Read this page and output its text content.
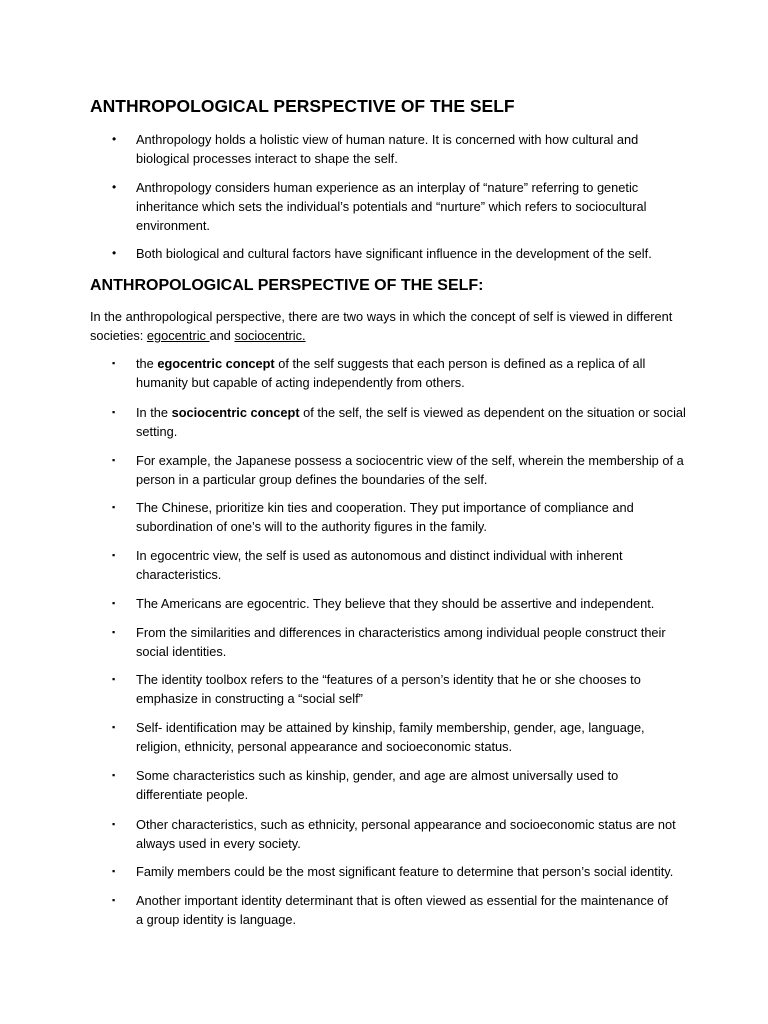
ANTHROPOLOGICAL PERSPECTIVE OF THE SELF
•	Anthropology holds a holistic view of human nature. It is concerned with how cultural and
biological processes interact to shape the self.
•	Anthropology considers human experience as an interplay of “nature” referring to genetic
inheritance which sets the individual’s potentials and “nurture” which refers to sociocultural
environment.
•	Both biological and cultural factors have significant influence in the development of the self.
ANTHROPOLOGICAL PERSPECTIVE OF THE SELF:
In the anthropological perspective, there are two ways in which the concept of self is viewed in different
societies: egocentric and sociocentric.
▪	the egocentric concept of the self suggests that each person is defined as a replica of all
humanity but capable of acting independently from others.
▪	In the sociocentric concept of the self, the self is viewed as dependent on the situation or social
setting.
▪	For example, the Japanese possess a sociocentric view of the self, wherein the membership of a
person in a particular group defines the boundaries of the self.
▪	The Chinese, prioritize kin ties and cooperation. They put importance of compliance and
subordination of one’s will to the authority figures in the family.
▪	In egocentric view, the self is used as autonomous and distinct individual with inherent
characteristics.
▪	The Americans are egocentric. They believe that they should be assertive and independent.
▪	From the similarities and differences in characteristics among individual people construct their
social identities.
▪	The identity toolbox refers to the “features of a person’s identity that he or she chooses to
emphasize in constructing a “social self”
▪	Self- identification may be attained by kinship, family membership, gender, age, language,
religion, ethnicity, personal appearance and socioeconomic status.
▪	Some characteristics such as kinship, gender, and age are almost universally used to
differentiate people.
▪	Other characteristics, such as ethnicity, personal appearance and socioeconomic status are not
always used in every society.
▪	Family members could be the most significant feature to determine that person’s social identity.
▪	Another important identity determinant that is often viewed as essential for the maintenance of
a group identity is language.
